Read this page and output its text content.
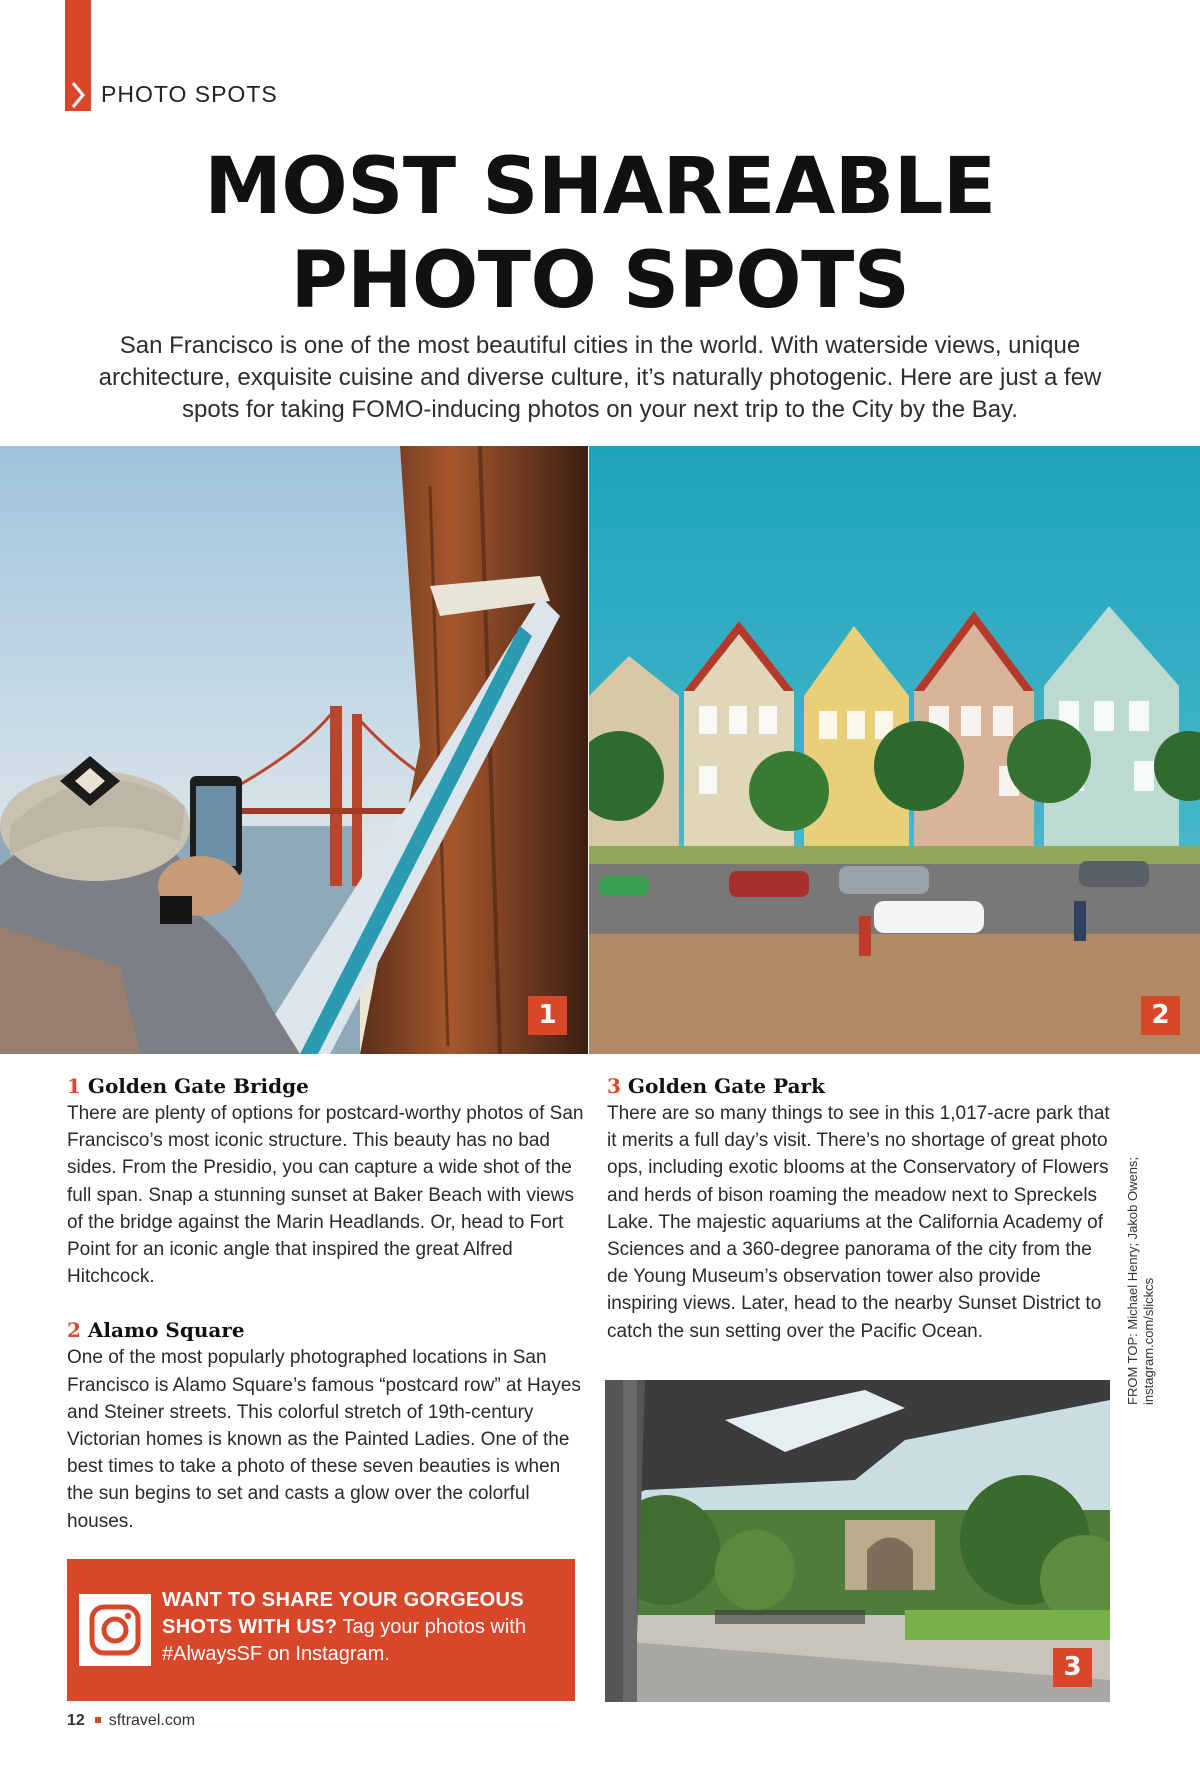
PHOTO SPOTS
MOST SHAREABLE
PHOTO SPOTS
San Francisco is one of the most beautiful cities in the world. With waterside views, unique architecture, exquisite cuisine and diverse culture, it’s naturally photogenic. Here are just a few spots for taking FOMO-inducing photos on your next trip to the City by the Bay.
1	2
1 Golden Gate Bridge

There are plenty of options for postcard-worthy photos of San Francisco’s most iconic structure. This beauty has no bad sides. From the Presidio, you can capture a wide shot of the full span. Snap a stunning sunset at Baker Beach with views of the bridge against the Marin Headlands. Or, head to Fort Point for an iconic angle that inspired the great Alfred Hitchcock.

2 Alamo Square

One of the most popularly photographed locations in San Francisco is Alamo Square’s famous “postcard row” at Hayes and Steiner streets. This colorful stretch of 19th-century Victorian homes is known as the Painted Ladies. One of the best times to take a photo of these seven beauties is when the sun begins to set and casts a glow over the colorful houses.

3 Golden Gate Park

There are so many things to see in this 1,017-acre park that it merits a full day’s visit. There’s no shortage of great photo ops, including exotic blooms at the Conservatory of Flowers and herds of bison roaming the meadow next to Spreckels Lake. The majestic aquariums at the California Academy of Sciences and a 360-degree panorama of the city from the de Young Museum’s observation tower also provide inspiring views. Later, head to the nearby Sunset District to catch the sun setting over the Pacific Ocean.	FROM TOP: Michael Henry; Jakob Owens; instagram.com/slickcs
3
WANT TO SHARE YOUR GORGEOUS SHOTS WITH US? Tag your photos with #AlwaysSF on Instagram.
12 sftravel.com
